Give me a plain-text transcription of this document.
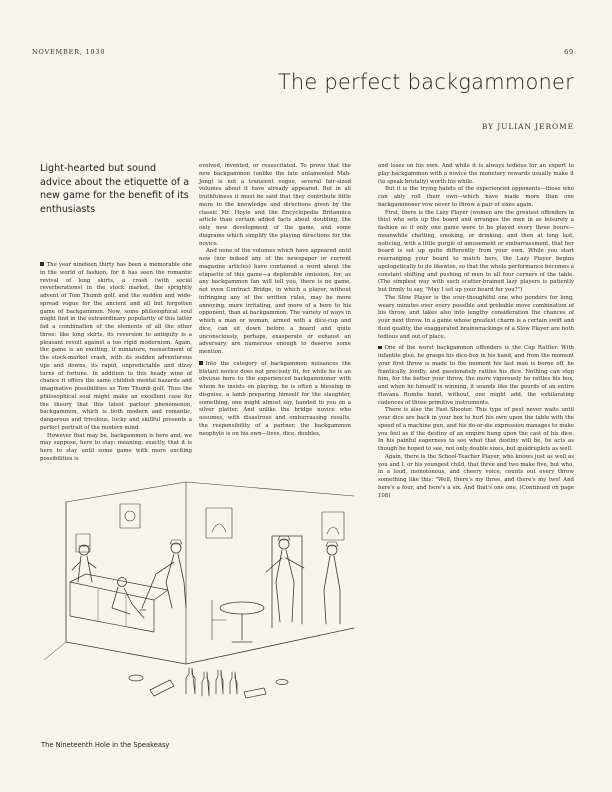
NOVEMBER, 1930	69
The perfect backgammoner
BY JULIAN JEROME

Light-hearted but sound advice about the etiquette of a new game for the benefit of its enthusiasts

The year nineteen thirty has been a memorable one in the world of fashion, for it has seen the romantic revival of long skirts, a crash (with social reverberations) in the stock market, the sprightly advent of Tom Thumb golf, and the sudden and wide-spread vogue for the ancient and all but forgotten game of backgammon. Now, some philosophical soul might find in the extraordinary popularity of this latter fad a combination of the elements of all the other three: like long skirts, its reversion to antiquity is a pleasant revolt against a too rigid modernism. Again, the game is an exciting, if miniature, reenactment of the stock-market crash, with its sudden adventurous ups and downs, its rapid, unpredictable and dizzy turns of fortune. In addition to this heady wine of chance it offers the same childish mental hazards and imaginative possibilities as Tom Thumb golf. Thus the philosophical soul might make an excellent case for the theory that this latest parlour phenomenon, backgammon, which is both modern and romantic, dangerous and frivolous, lucky and skillful presents a perfect portrait of the modern mind.

However that may be, backgammon is here and, we may suppose, here to stay: meaning, exactly, that it is here to stay until some game with more exciting possibilities is

evolved, invented, or resuscitated. To prove that the new backgammon (unlike the late unlamented Mah-Jong) is not a transient vogue, several fair-sized volumes about it have already appeared. But in all truthfulness it must be said that they contribute little more to the knowledge and directions given by the classic Mr. Hoyle and the Encyclopedia Britannica article than certain added facts about doubling, the only new development of the game, and some diagrams which simplify the playing directions for the novice.

And none of the volumes which have appeared until now (nor indeed any of the newspaper or current magazine articles) have contained a word about the etiquette of this game—a deplorable omission, for, as any backgammon fan will tell you, there is no game, not even Contract Bridge, in which a player, without infringing any of the written rules, may be more annoying, more irritating, and more of a bore to his opponent, than at backgammon. The variety of ways in which a man or woman, armed with a dice-cup and dice, can sit down before a board and quite unconsciously, perhaps, exasperate or exhaust an adversary, are numerous enough to deserve some mention.

Into the category of backgammon nuisances the blatant novice does not precisely fit, for while he is an obvious bore to the experienced backgammoner with whom he insists on playing, he is often a blessing in disguise, a lamb preparing himself for the slaughter, something, one might almost say, handed to you on a silver platter. And unlike the bridge novice who assumes, with disastrous and embarrassing results, the responsibility of a partner, the backgammon neophyte is on his own—lives, dice, doubles,

and loses on his own. And while it is always tedious for an expert to play backgammon with a novice the monetary rewards usually make it (to speak brutally) worth his while.

But it is the trying habits of the experienced opponents—those who can ably roll their own—which have made more than one backgammoner vow never to throw a pair of sixes again.

First, there is the Lazy Player (women are the greatest offenders in this) who sets up the board and arranges the men in as leisurely a fashion as if only one game were to be played every three hours—meanwhile chatting, smoking, or drinking, and then at long last, noticing, with a little gurgle of amusement or embarrassment, that her board is set up quite differently from your own. While you start rearranging your board to match hers, the Lazy Player begins apologetically to do likewise, so that the whole performance becomes a constant shifting and pushing of men to all four corners of the table. (The simplest way with such scatter-brained lazy players is patiently but firmly to say, "May I set up your board for you?")

The Slow Player is the over-thoughtful one who ponders for long, weary minutes over every possible and probable move combination of his throw, and takes also into lengthy consideration the chances of your next throw. In a game whose greatest charm is a certain swift and fluid quality, the exaggerated brainwrackings of a Slow Player are both tedious and out of place.

One of the worst backgammon offenders is the Cup Rattler. With infantile glee, he grasps his dice-box in his hand, and from the moment your first throw is made to the moment his last man is borne off, he frantically, loudly, and passionately rattles his dice. Nothing can stop him, for the better your throw, the more vigorously he rattles his box, and when he himself is winning, it sounds like the gourds of an entire Havana Rumba band, without, one might add, the exhilarating cadences of those primitive instruments.

There is also the Fast Shooter. This type of pest never waits until your dice are back in your box to hurl his own upon the table with the speed of a machine gun, and his do-or-die expression manages to make you feel as if the destiny of an empire hung upon the cast of his dice. In his painful eagerness to see what that destiny will be, he acts as though he hoped to see, not only double sixes, but quadruplets as well.

Again, there is the School-Teacher Player, who knows just as well as you and I, or his youngest child, that three and two make five, but who, in a loud, monotonous, and cheery voice, counts out every throw something like this: "Well, there's my three, and there's my two! And here's a four, and here's a six. And that's one one, (Continued on page 108)

The Nineteenth Hole in the Speakeasy
